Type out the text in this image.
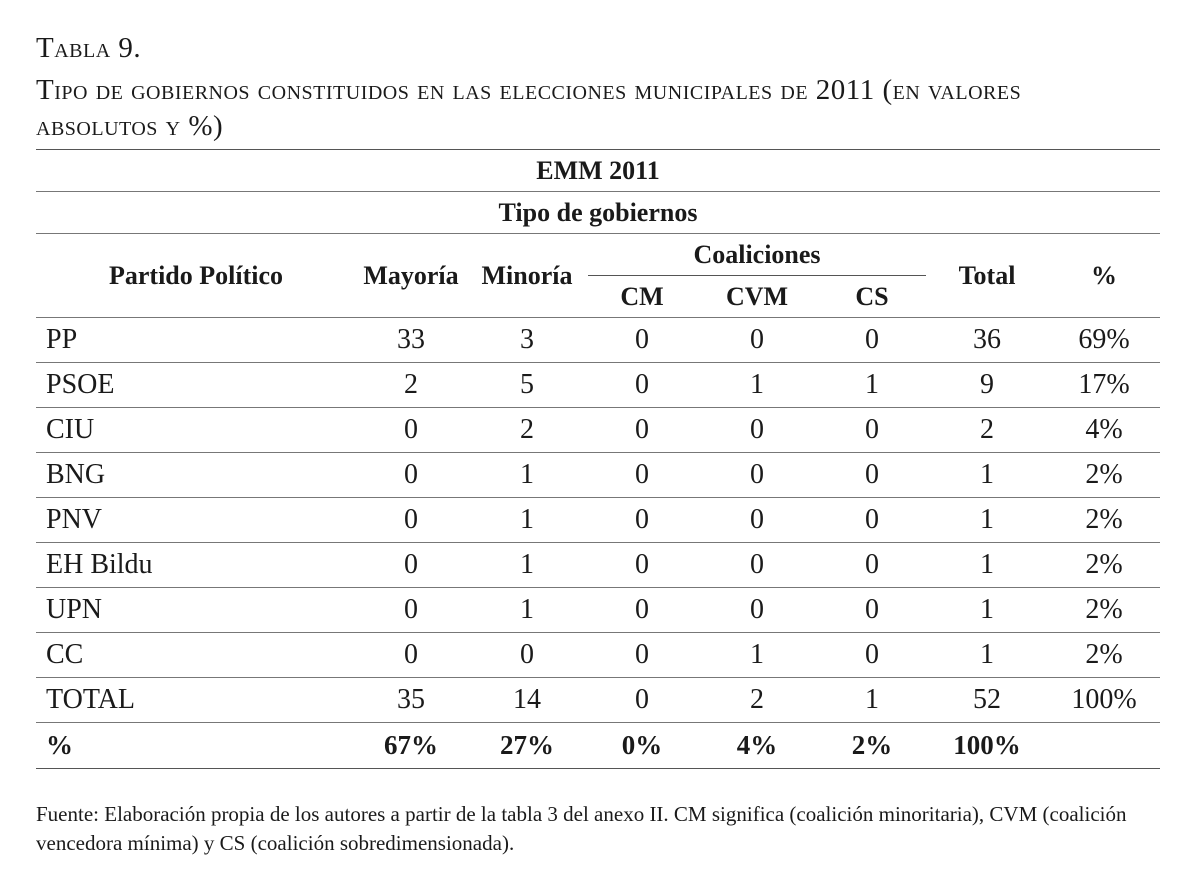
Tabla 9.
Tipo de gobiernos constituidos en las elecciones municipales de 2011 (en valores
absolutos y %)
EMM 2011							
Tipo de gobiernos							
Partido Político	Mayoría	Minoría	Coaliciones			Total	%
			CM	CVM	CS		
PP	33	3	0	0	0	36	69%
PSOE	2	5	0	1	1	9	17%
CIU	0	2	0	0	0	2	4%
BNG	0	1	0	0	0	1	2%
PNV	0	1	0	0	0	1	2%
EH Bildu	0	1	0	0	0	1	2%
UPN	0	1	0	0	0	1	2%
CC	0	0	0	1	0	1	2%
TOTAL	35	14	0	2	1	52	100%
%	67%	27%	0%	4%	2%	100%	
Fuente: Elaboración propia de los autores a partir de la tabla 3 del anexo II. CM significa (coalición minoritaria), CVM (coalición vencedora mínima) y CS (coalición sobredimensionada).
